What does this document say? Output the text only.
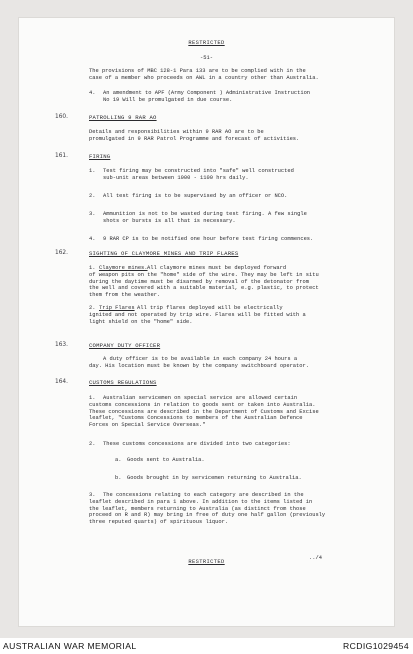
RESTRICTED
-51-
The provisions of MBC 128-1 Para 133 are to be complied with in the
case of a member who proceeds on AWL in a country other than Australia.
4. An amendment to APF (Army Component ) Administrative Instruction
No 19 Will be promulgated in due course.
160.	PATROLLING 9 RAR AO
Details and responsibilities within 9 RAR AO are to be
promulgated in 9 RAR Patrol Programme and forecast of activities.
161.	FIRING
1. Test firing may be constructed into "safe" well constructed
sub-unit areas between 1000 - 1100 hrs daily.
2. All test firing is to be supervised by an officer or NCO.
3. Ammunition is not to be wasted during test firing. A few single
shots or bursts is all that is necessary.
4. 9 RAR CP is to be notified one hour before test firing commences.
162.	SIGHTING OF CLAYMORE MINES AND TRIP FLARES
1. Claymore mines. All claymore mines must be deployed forward
of weapon pits on the "home" side of the wire. They may be left in situ
during the daytime must be disarmed by removal of the detonator from
the well and covered with a suitable material, e.g. plastic, to protect
them from the weather.
2. Trip Flares All trip flares deployed will be electrically
ignited and not operated by trip wire. Flares will be fitted with a
light shield on the "home" side.
163.	COMPANY DUTY OFFICER
A duty officer is to be available in each company 24 hours a
day. His location must be known by the company switchboard operator.
164.	CUSTOMS REGULATIONS
1.	Australian servicemen on special service are allowed certain
customs concessions in relation to goods sent or taken into Australia.
These concessions are described in the Department of Customs and Excise
leaflet, "Customs Concessions to members of the Australian Defence
Forces on Special Service Overseas."
2. These customs concessions are divided into two categories:
a. Goods sent to Australia.
b. Goods brought in by servicemen returning to Australia.
3.	The concessions relating to each category are described in the
leaflet described in para 1 above. In addition to the items listed in
the leaflet, members returning to Australia (as distinct from those
proceed on R and R) may bring in free of duty one half gallon (previously
three reputed quarts) of spirituous liquor.
../4
RESTRICTED
AUSTRALIAN WAR MEMORIAL	RCDIG1029454
